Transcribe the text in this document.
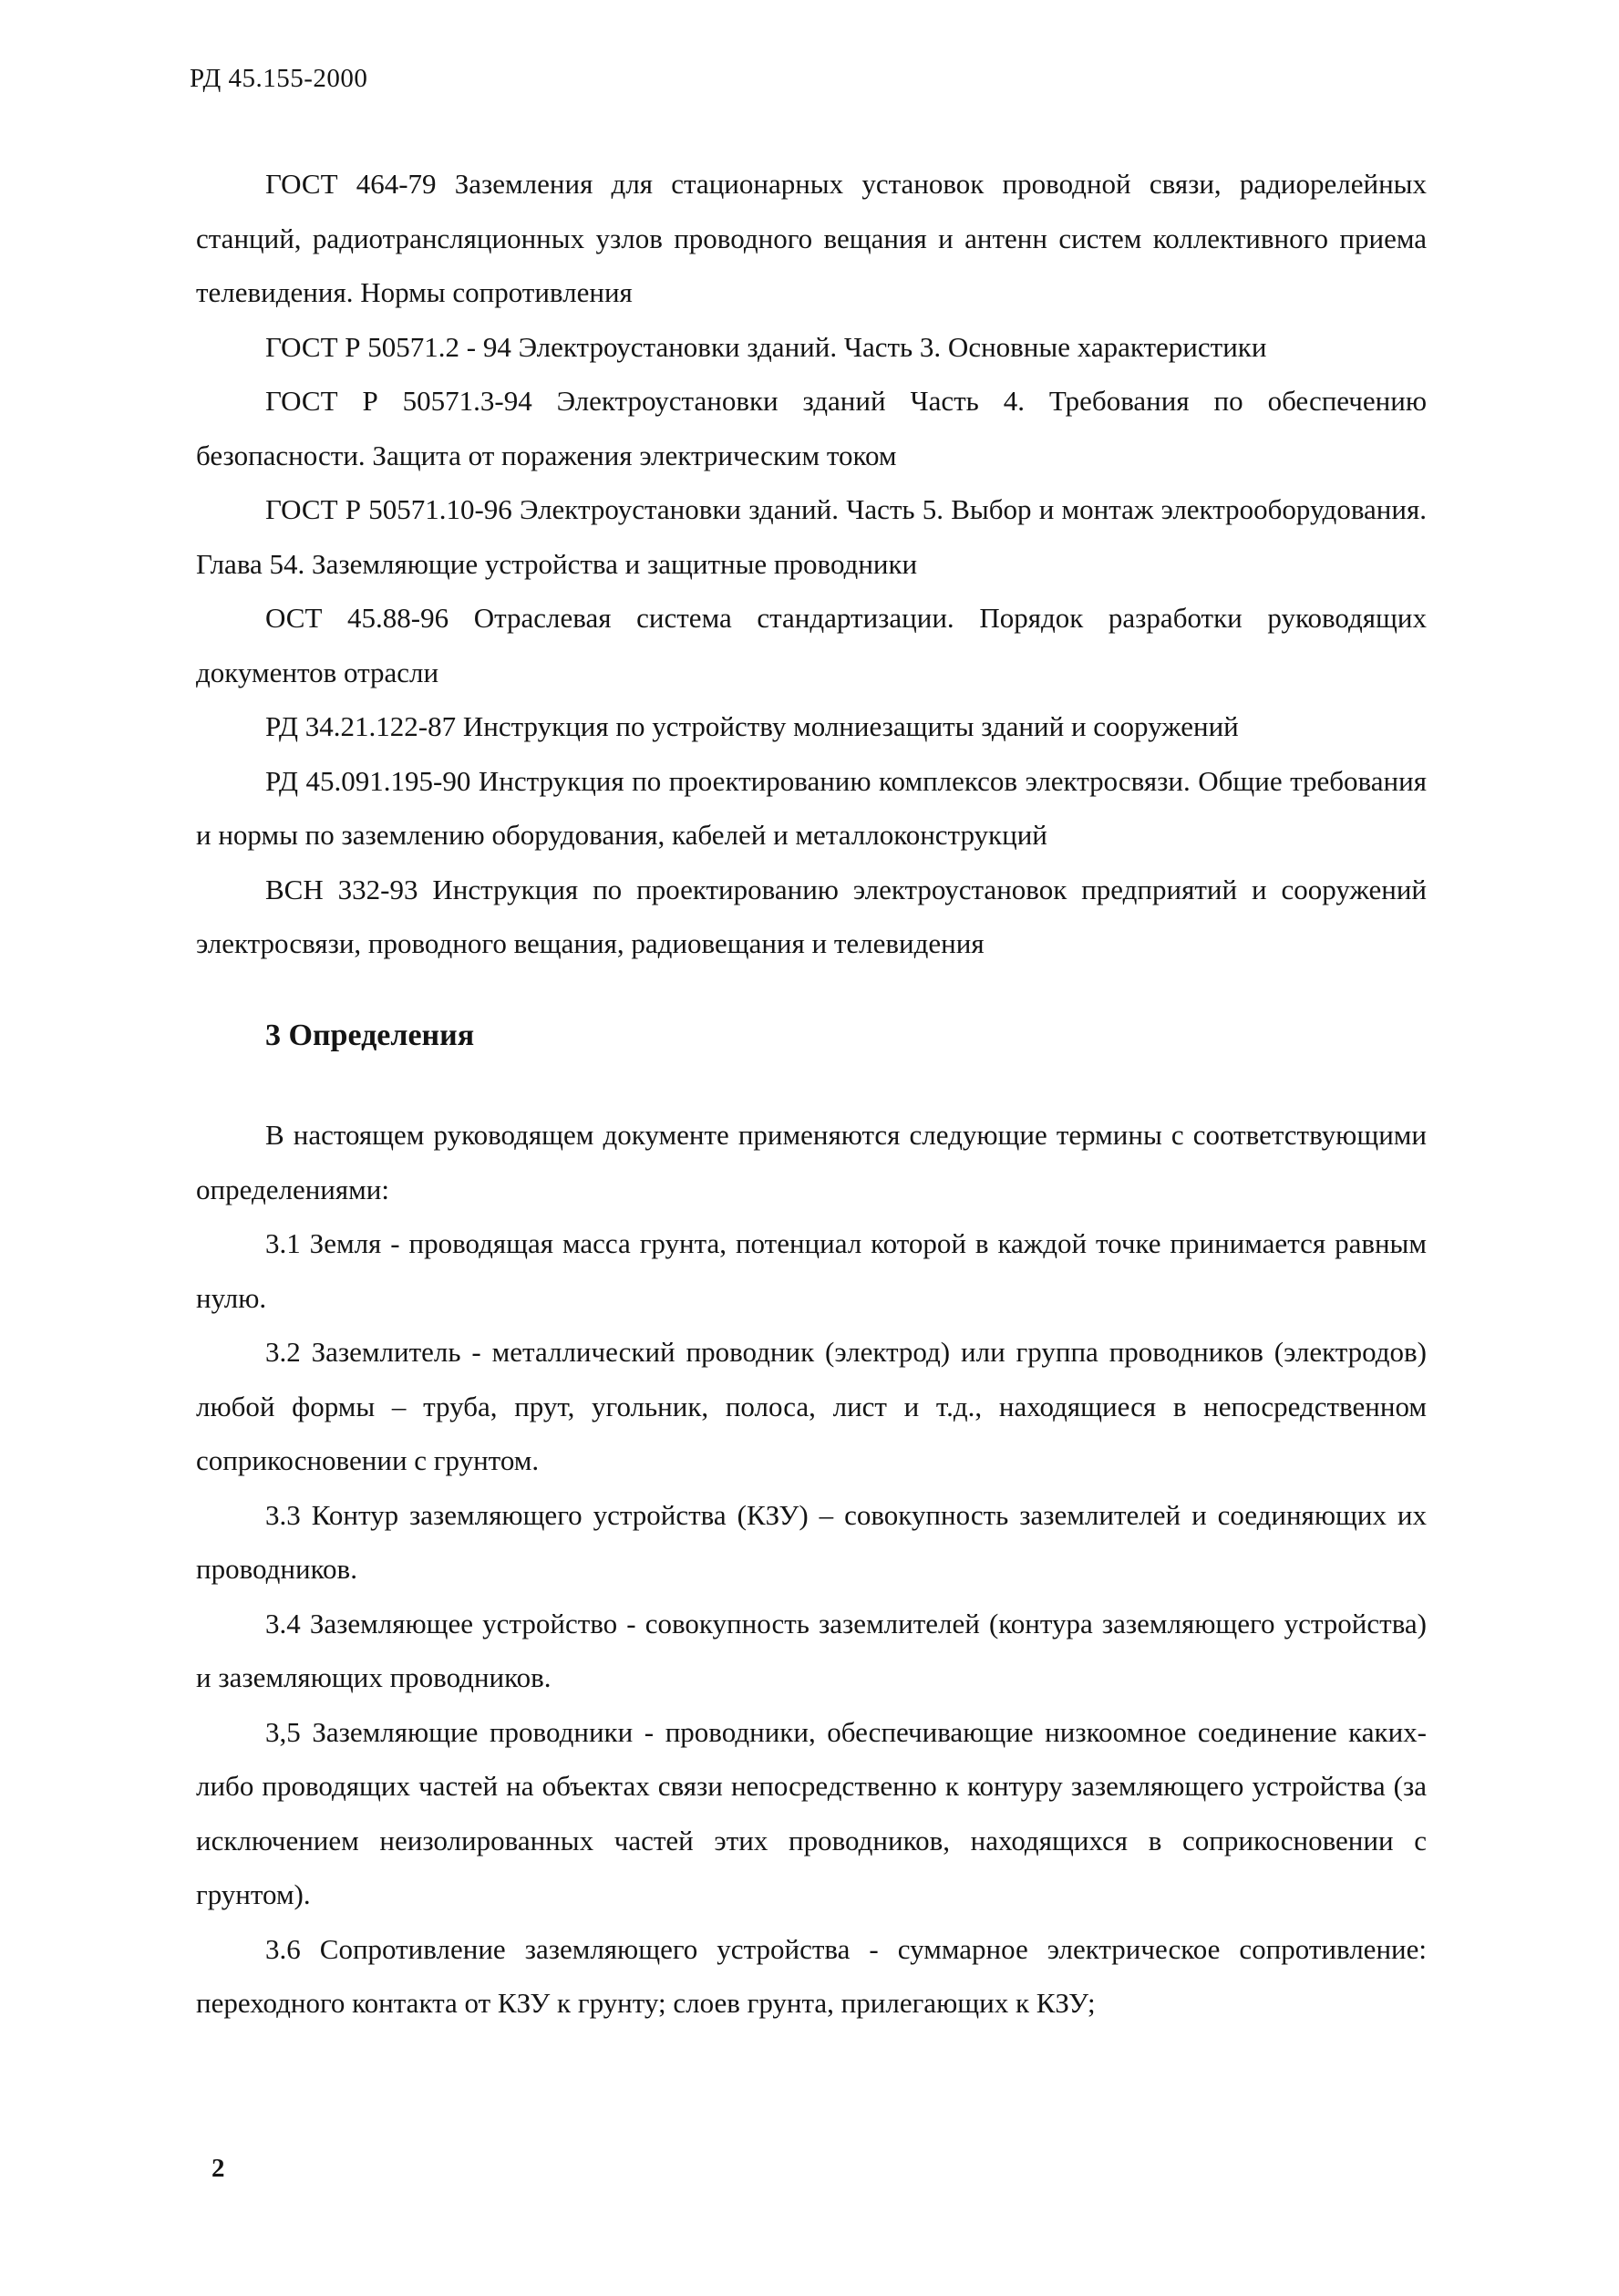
РД 45.155-2000

ГОСТ 464-79 Заземления для стационарных установок проводной связи, радиорелейных станций, радиотрансляционных узлов проводного вещания и антенн систем коллективного приема телевидения. Нормы сопротивления

ГОСТ Р 50571.2 - 94 Электроустановки зданий. Часть 3. Основные характеристики

ГОСТ Р 50571.3-94 Электроустановки зданий Часть 4. Требования по обеспечению безопасности. Защита от поражения электрическим током

ГОСТ Р 50571.10-96 Электроустановки зданий. Часть 5. Выбор и монтаж электрооборудования. Глава 54. Заземляющие устройства и защитные проводники

ОСТ 45.88-96 Отраслевая система стандартизации. Порядок разработки руководящих документов отрасли

РД 34.21.122-87 Инструкция по устройству молниезащиты зданий и сооружений

РД 45.091.195-90 Инструкция по проектированию комплексов электросвязи. Общие требования и нормы по заземлению оборудования, кабелей и металлоконструкций

ВСН 332-93 Инструкция по проектированию электроустановок предприятий и сооружений электросвязи, проводного вещания, радиовещания и телевидения

3 Определения

В настоящем руководящем документе применяются следующие термины с соответствующими определениями:

3.1 Земля - проводящая масса грунта, потенциал которой в каждой точке принимается равным нулю.

3.2 Заземлитель - металлический проводник (электрод) или группа проводников (электродов) любой формы – труба, прут, угольник, полоса, лист и т.д., находящиеся в непосредственном соприкосновении с грунтом.

3.3 Контур заземляющего устройства (КЗУ) – совокупность заземлителей и соединяющих их проводников.

3.4 Заземляющее устройство - совокупность заземлителей (контура заземляющего устройства) и заземляющих проводников.

3,5 Заземляющие проводники - проводники, обеспечивающие низкоомное соединение каких-либо проводящих частей на объектах связи непосредственно к контуру заземляющего устройства (за исключением неизолированных частей этих проводников, находящихся в соприкосновении с грунтом).

3.6 Сопротивление заземляющего устройства - суммарное электрическое сопротивление: переходного контакта от КЗУ к грунту; слоев грунта, прилегающих к КЗУ;

2
